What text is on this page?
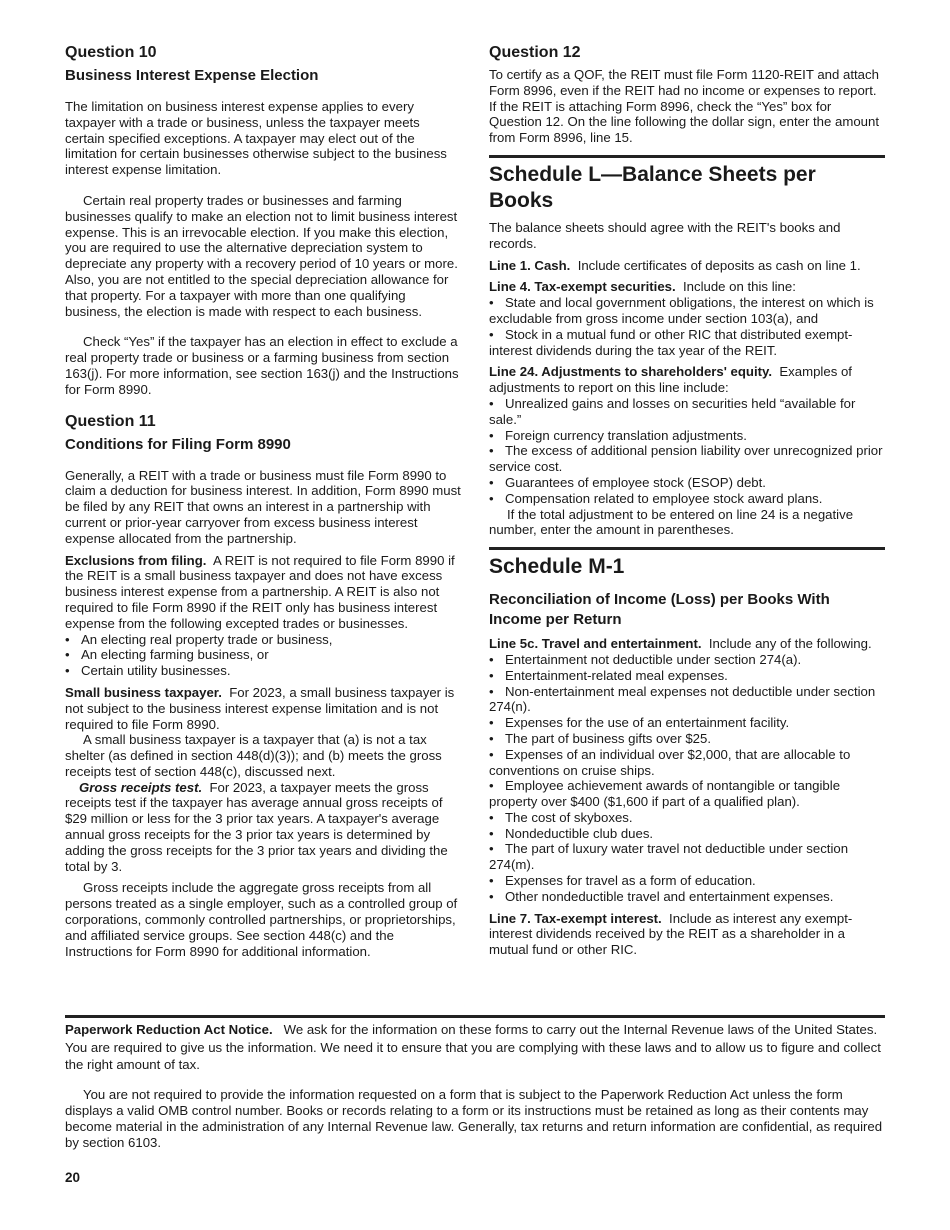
Question 10
Business Interest Expense Election

The limitation on business interest expense applies to every taxpayer with a trade or business, unless the taxpayer meets certain specified exceptions. A taxpayer may elect out of the limitation for certain businesses otherwise subject to the business interest expense limitation.

Certain real property trades or businesses and farming businesses qualify to make an election not to limit business interest expense. This is an irrevocable election. If you make this election, you are required to use the alternative depreciation system to depreciate any property with a recovery period of 10 years or more. Also, you are not entitled to the special depreciation allowance for that property. For a taxpayer with more than one qualifying business, the election is made with respect to each business.

Check “Yes” if the taxpayer has an election in effect to exclude a real property trade or business or a farming business from section 163(j). For more information, see section 163(j) and the Instructions for Form 8990.

Question 11
Conditions for Filing Form 8990

Generally, a REIT with a trade or business must file Form 8990 to claim a deduction for business interest. In addition, Form 8990 must be filed by any REIT that owns an interest in a partnership with current or prior-year carryover from excess business interest expense allocated from the partnership.

Exclusions from filing. A REIT is not required to file Form 8990 if the REIT is a small business taxpayer and does not have excess business interest expense from a partnership. A REIT is also not required to file Form 8990 if the REIT only has business interest expense from the following excepted trades or businesses.

• An electing real property trade or business,
• An electing farming business, or
• Certain utility businesses.

Small business taxpayer. For 2023, a small business taxpayer is not subject to the business interest expense limitation and is not required to file Form 8990.

A small business taxpayer is a taxpayer that (a) is not a tax shelter (as defined in section 448(d)(3)); and (b) meets the gross receipts test of section 448(c), discussed next.

Gross receipts test. For 2023, a taxpayer meets the gross receipts test if the taxpayer has average annual gross receipts of $29 million or less for the 3 prior tax years. A taxpayer's average annual gross receipts for the 3 prior tax years is determined by adding the gross receipts for the 3 prior tax years and dividing the total by 3.

Gross receipts include the aggregate gross receipts from all persons treated as a single employer, such as a controlled group of corporations, commonly controlled partnerships, or proprietorships, and affiliated service groups. See section 448(c) and the Instructions for Form 8990 for additional information.

Question 12

To certify as a QOF, the REIT must file Form 1120-REIT and attach Form 8996, even if the REIT had no income or expenses to report. If the REIT is attaching Form 8996, check the “Yes” box for Question 12. On the line following the dollar sign, enter the amount from Form 8996, line 15.

Schedule L—Balance Sheets per Books

The balance sheets should agree with the REIT's books and records.

Line 1. Cash. Include certificates of deposits as cash on line 1.

Line 4. Tax-exempt securities. Include on this line:

• State and local government obligations, the interest on which is excludable from gross income under section 103(a), and
• Stock in a mutual fund or other RIC that distributed exempt-interest dividends during the tax year of the REIT.

Line 24. Adjustments to shareholders' equity. Examples of adjustments to report on this line include:

• Unrealized gains and losses on securities held “available for sale.”
• Foreign currency translation adjustments.
• The excess of additional pension liability over unrecognized prior service cost.
• Guarantees of employee stock (ESOP) debt.
• Compensation related to employee stock award plans.

If the total adjustment to be entered on line 24 is a negative number, enter the amount in parentheses.

Schedule M-1
Reconciliation of Income (Loss) per Books With Income per Return

Line 5c. Travel and entertainment. Include any of the following.

• Entertainment not deductible under section 274(a).
• Entertainment-related meal expenses.
• Non-entertainment meal expenses not deductible under section 274(n).
• Expenses for the use of an entertainment facility.
• The part of business gifts over $25.
• Expenses of an individual over $2,000, that are allocable to conventions on cruise ships.
• Employee achievement awards of nontangible or tangible property over $400 ($1,600 if part of a qualified plan).
• The cost of skyboxes.
• Nondeductible club dues.
• The part of luxury water travel not deductible under section 274(m).
• Expenses for travel as a form of education.
• Other nondeductible travel and entertainment expenses.

Line 7. Tax-exempt interest. Include as interest any exempt-interest dividends received by the REIT as a shareholder in a mutual fund or other RIC.

Paperwork Reduction Act Notice. We ask for the information on these forms to carry out the Internal Revenue laws of the United States. You are required to give us the information. We need it to ensure that you are complying with these laws and to allow us to figure and collect the right amount of tax.

You are not required to provide the information requested on a form that is subject to the Paperwork Reduction Act unless the form displays a valid OMB control number. Books or records relating to a form or its instructions must be retained as long as their contents may become material in the administration of any Internal Revenue law. Generally, tax returns and return information are confidential, as required by section 6103.

20
